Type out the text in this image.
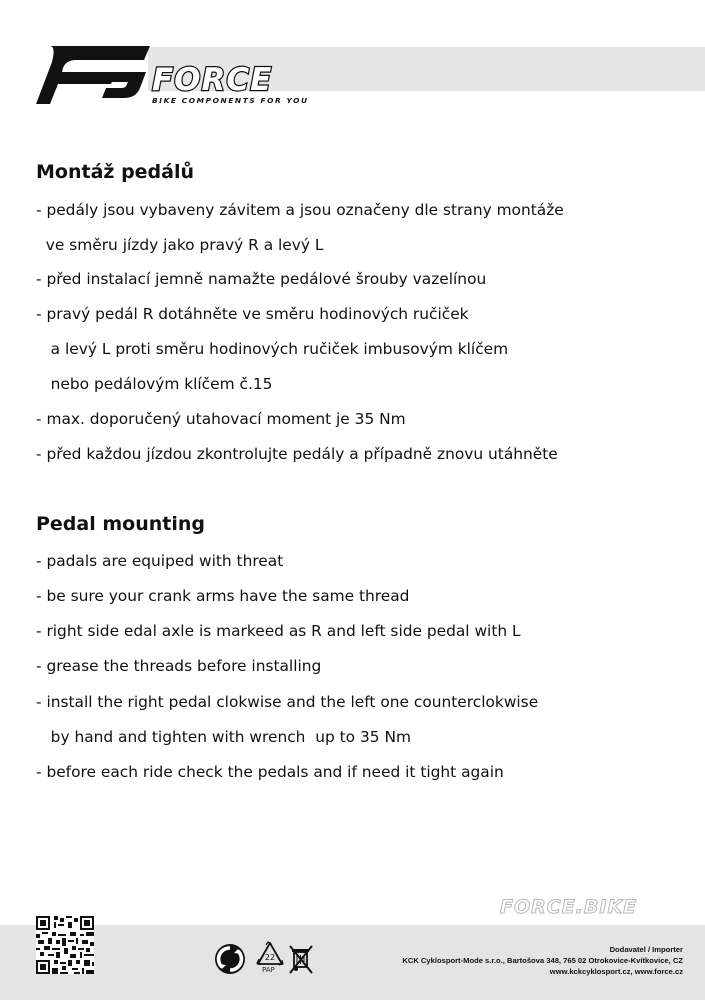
FORCE
BIKE COMPONENTS FOR YOU
Montáž pedálů
- pedály jsou vybaveny závitem a jsou označeny dle strany montáže
ve směru jízdy jako pravý R a levý L
- před instalací jemně namažte pedálové šrouby vazelínou
- pravý pedál R dotáhněte ve směru hodinových ručiček
a levý L proti směru hodinových ručiček imbusovým klíčem
nebo pedálovým klíčem č.15
- max. doporučený utahovací moment je 35 Nm
- před každou jízdou zkontrolujte pedály a případně znovu utáhněte
Pedal mounting
- padals are equiped with threat
- be sure your crank arms have the same thread
- right side edal axle is markeed as R and left side pedal with L
- grease the threads before installing
- install the right pedal clokwise and the left one counterclokwise
by hand and tighten with wrench  up to 35 Nm
- before each ride check the pedals and if need it tight again
FORCE.BIKE
22
PAP
Dodavatel / Importer
KCK Cyklosport-Mode s.r.o., Bartošova 348, 765 02 Otrokovice-Kvítkovice, CZ
www.kckcyklosport.cz, www.force.cz
